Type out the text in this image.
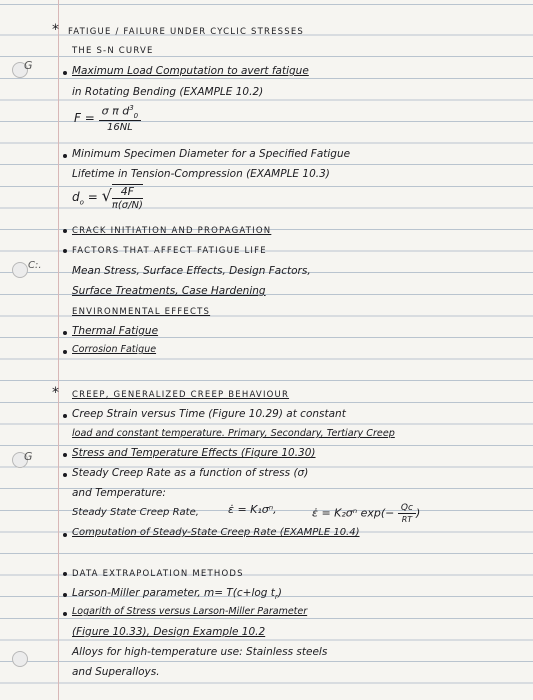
G
C:.
G
* FATIGUE / FAILURE UNDER CYCLIC STRESSES
THE S-N CURVE
Maximum Load Computation to avert fatigue
in Rotating Bending (EXAMPLE 10.2)
$F = \frac{\sigma \pi d^3_0}{16NL}$
Minimum Specimen Diameter for a Specified Fatigue
Lifetime in Tension-Compression (EXAMPLE 10.3)
$d_o$ = √ $\frac{4F}{\pi(\sigma/N)}$
CRACK INITIATION AND PROPAGATION
FACTORS THAT AFFECT FATIGUE LIFE
Mean Stress, Surface Effects, Design Factors,
Surface Treatments, Case Hardening
ENVIRONMENTAL EFFECTS
Thermal Fatigue
Corrosion Fatigue
* CREEP, GENERALIZED CREEP BEHAVIOUR
Creep Strain versus Time (Figure 10.29) at constant
load and constant temperature. Primary, Secondary, Tertiary Creep
Stress and Temperature Effects (Figure 10.30)
Steady Creep Rate as a function of stress (σ)
and Temperature:
Steady State Creep Rate,	ε̇ = K₁σⁿ,	ε̇ = K₂σⁿ $\exp(- \frac{Qc}{RT}$ )
Computation of Steady-State Creep Rate (EXAMPLE 10.4)
DATA EXTRAPOLATION METHODS
Larson-Miller parameter, m= T(c+log $t_r$)
Logarith of Stress versus Larson-Miller Parameter
(Figure 10.33), Design Example 10.2
Alloys for high-temperature use: Stainless steels
and Superalloys.
